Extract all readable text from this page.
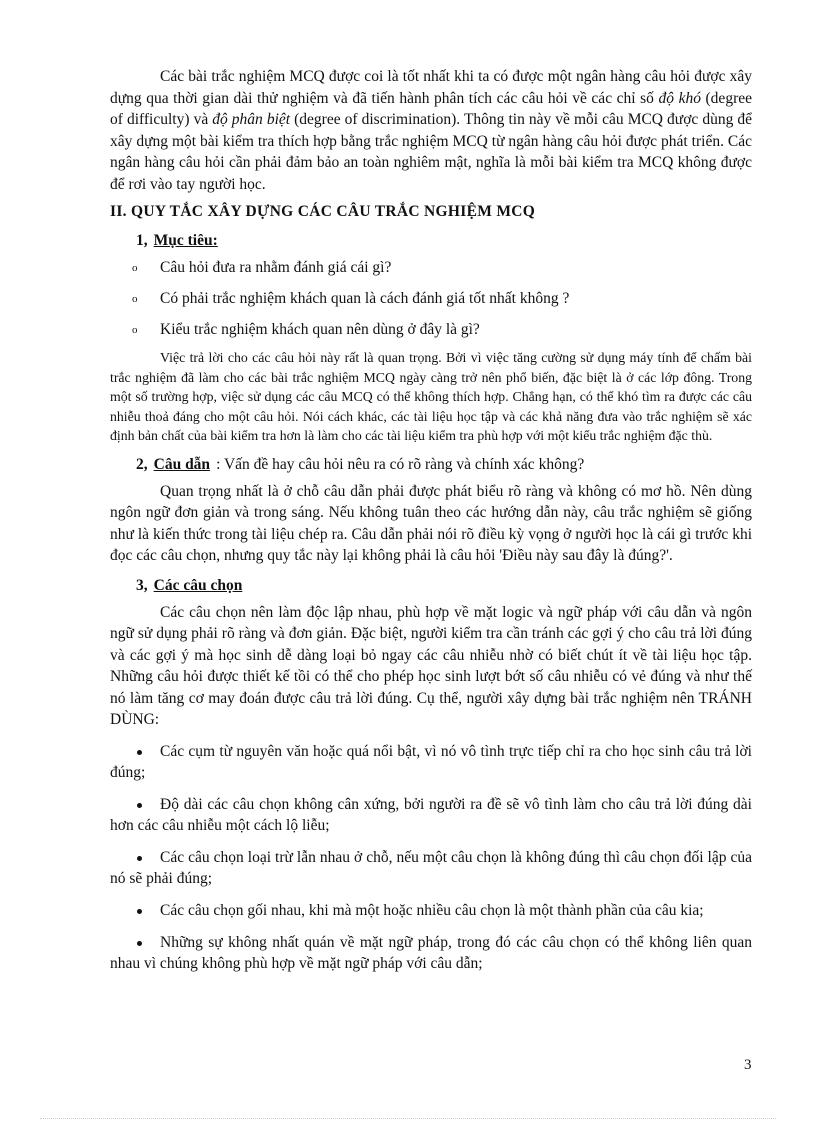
Các bài trắc nghiệm MCQ được coi là tốt nhất khi ta có được một ngân hàng câu hỏi được xây dựng qua thời gian dài thử nghiệm và đã tiến hành phân tích các câu hỏi về các chỉ số độ khó (degree of difficulty) và độ phân biệt (degree of discrimination). Thông tin này về mỗi câu MCQ được dùng để xây dựng một bài kiểm tra thích hợp bằng trắc nghiệm MCQ từ ngân hàng câu hỏi được phát triển. Các ngân hàng câu hỏi cần phải đảm bảo an toàn nghiêm mật, nghĩa là mỗi bài kiểm tra MCQ không được để rơi vào tay người học.

II. QUY TẮC XÂY DỰNG CÁC CÂU TRẮC NGHIỆM MCQ

1, Mục tiêu:

o Câu hỏi đưa ra nhằm đánh giá cái gì?
o Có phải trắc nghiệm khách quan là cách đánh giá tốt nhất không ?
o Kiểu trắc nghiệm khách quan nên dùng ở đây là gì?

Việc trả lời cho các câu hỏi này rất là quan trọng. Bởi vì việc tăng cường sử dụng máy tính để chấm bài trắc nghiệm đã làm cho các bài trắc nghiệm MCQ ngày càng trở nên phổ biến, đặc biệt là ở các lớp đông. Trong một số trường hợp, việc sử dụng các câu MCQ có thể không thích hợp. Chẳng hạn, có thể khó tìm ra được các câu nhiễu thoả đáng cho một câu hỏi. Nói cách khác, các tài liệu học tập và các khả năng đưa vào trắc nghiệm sẽ xác định bản chất của bài kiểm tra hơn là làm cho các tài liệu kiểm tra phù hợp với một kiểu trắc nghiệm đặc thù.

2, Câu dẫn : Vấn đề hay câu hỏi nêu ra có rõ ràng và chính xác không?

Quan trọng nhất là ở chỗ câu dẫn phải được phát biểu rõ ràng và không có mơ hồ. Nên dùng ngôn ngữ đơn giản và trong sáng. Nếu không tuân theo các hướng dẫn này, câu trắc nghiệm sẽ giống như là kiến thức trong tài liệu chép ra. Câu dẫn phải nói rõ điều kỳ vọng ở người học là cái gì trước khi đọc các câu chọn, nhưng quy tắc này lại không phải là câu hỏi 'Điều này sau đây là đúng?'.

3, Các câu chọn

Các câu chọn nên làm độc lập nhau, phù hợp về mặt logic và ngữ pháp với câu dẫn và ngôn ngữ sử dụng phải rõ ràng và đơn giản. Đặc biệt, người kiểm tra cần tránh các gợi ý cho câu trả lời đúng và các gợi ý mà học sinh dễ dàng loại bỏ ngay các câu nhiễu nhờ có biết chút ít về tài liệu học tập. Những câu hỏi được thiết kế tồi có thể cho phép học sinh lượt bớt số câu nhiễu có vẻ đúng và như thế nó làm tăng cơ may đoán được câu trả lời đúng. Cụ thể, người xây dựng bài trắc nghiệm nên TRÁNH DÙNG:

Các cụm từ nguyên văn hoặc quá nổi bật, vì nó vô tình trực tiếp chỉ ra cho học sinh câu trả lời đúng;
Độ dài các câu chọn không cân xứng, bởi người ra đề sẽ vô tình làm cho câu trả lời đúng dài hơn các câu nhiễu một cách lộ liễu;
Các câu chọn loại trừ lẫn nhau ở chỗ, nếu một câu chọn là không đúng thì câu chọn đối lập của nó sẽ phải đúng;
Các câu chọn gối nhau, khi mà một hoặc nhiều câu chọn là một thành phần của câu kia;
Những sự không nhất quán về mặt ngữ pháp, trong đó các câu chọn có thể không liên quan nhau vì chúng không phù hợp về mặt ngữ pháp với câu dẫn;
3
